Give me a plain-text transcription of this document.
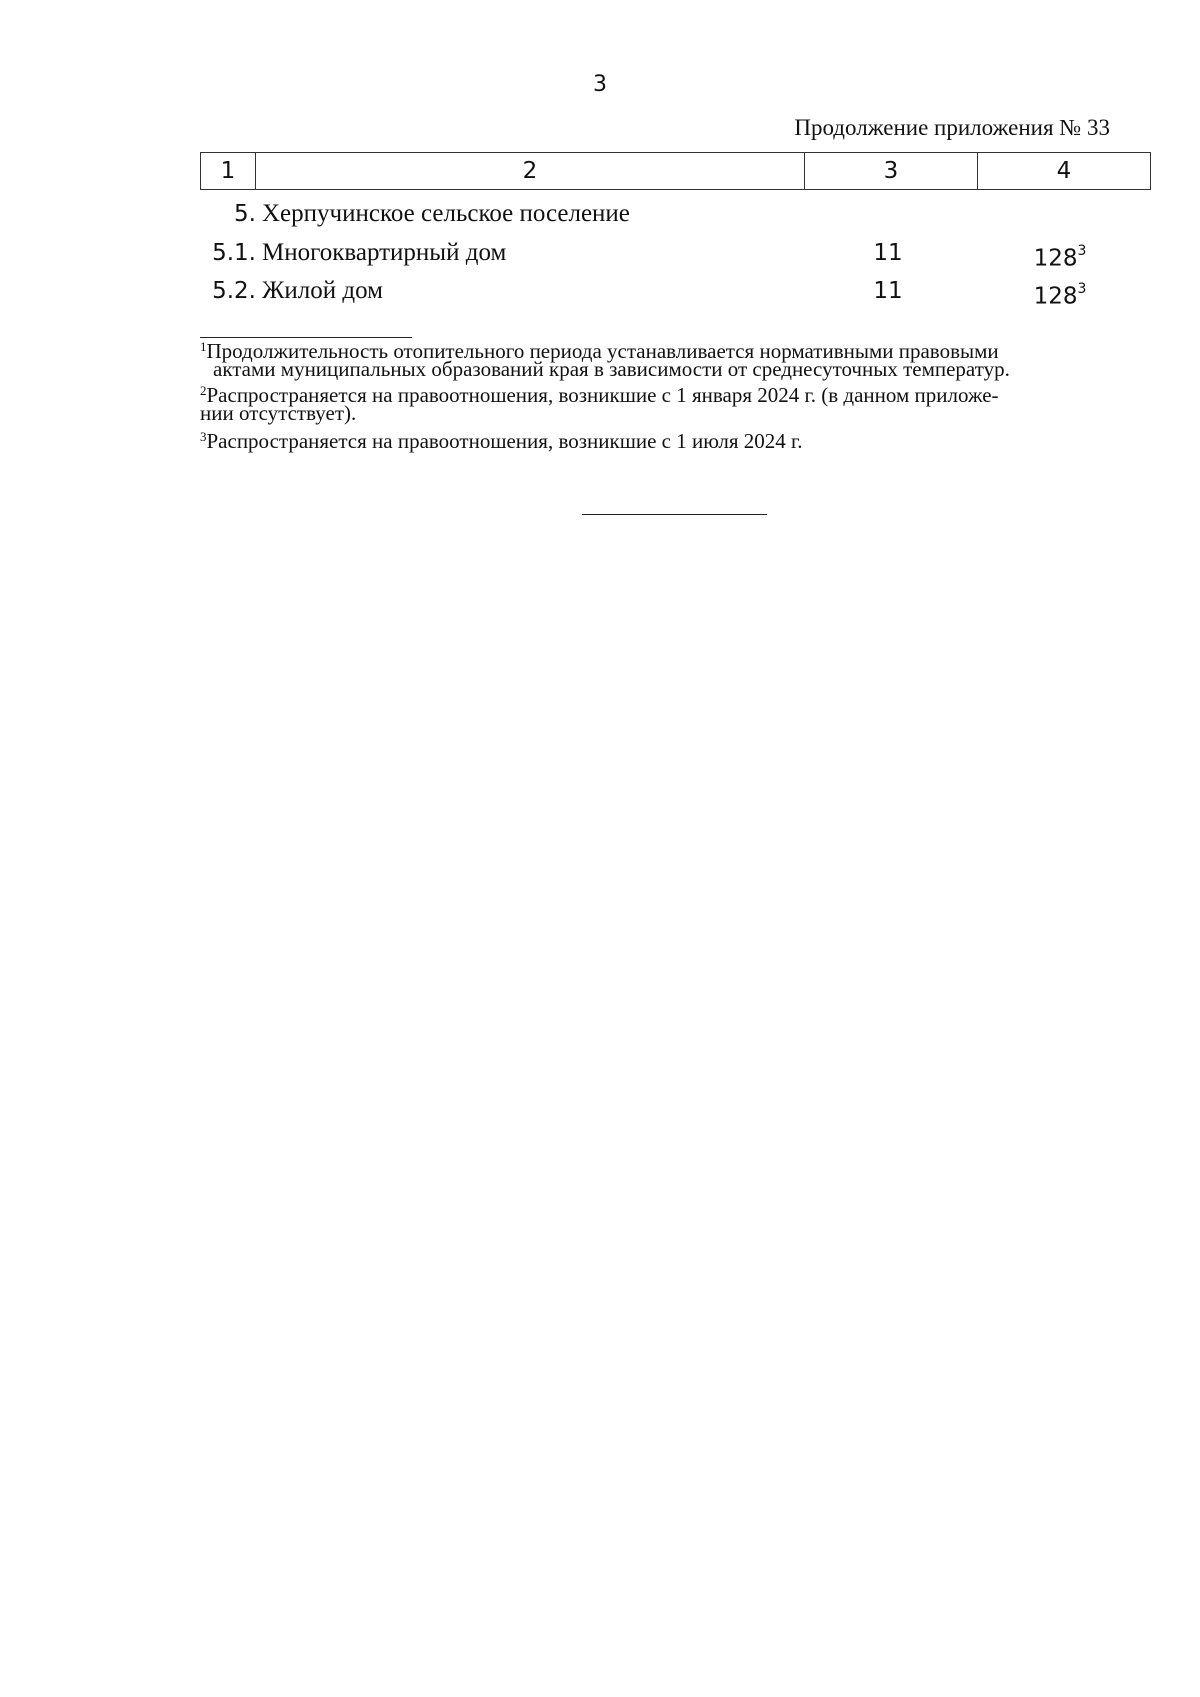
3
Продолжение приложения № 33
1	2	3	4
5. Херпучинское сельское поселение
5.1. Многоквартирный дом	11	$128^3$
5.2. Жилой дом	11	$128^3$
$^1$Продолжительность отопительного периода устанавливается нормативными правовыми
актами муниципальных образований края в зависимости от среднесуточных температур.
$^2$Распространяется на правоотношения, возникшие с 1 января 2024 г. (в данном приложе-
нии отсутствует).
$^3$Распространяется на правоотношения, возникшие с 1 июля 2024 г.
